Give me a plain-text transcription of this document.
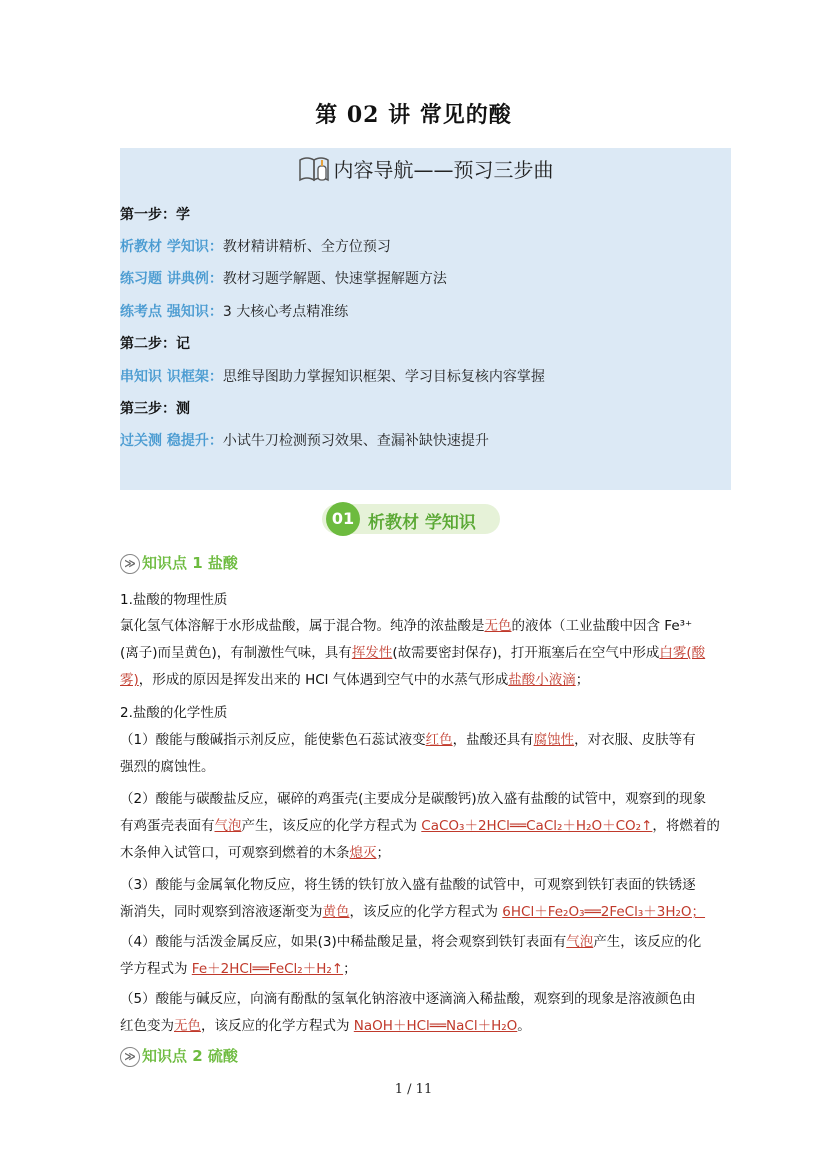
第 02 讲 常见的酸
内容导航——预习三步曲
第一步：学
析教材 学知识：教材精讲精析、全方位预习
练习题 讲典例：教材习题学解题、快速掌握解题方法
练考点 强知识：3 大核心考点精准练
第二步：记
串知识 识框架：思维导图助力掌握知识框架、学习目标复核内容掌握
第三步：测
过关测 稳提升：小试牛刀检测预习效果、查漏补缺快速提升
01 析教材 学知识
≫ 知识点 1 盐酸
1.盐酸的物理性质
氯化氢气体溶解于水形成盐酸，属于混合物。纯净的浓盐酸是无色的液体（工业盐酸中因含 Fe³⁺
(离子)而呈黄色)，有制激性气味，具有挥发性(故需要密封保存)，打开瓶塞后在空气中形成白雾(酸
雾)，形成的原因是挥发出来的 HCl 气体遇到空气中的水蒸气形成盐酸小液滴；
2.盐酸的化学性质
（1）酸能与酸碱指示剂反应，能使紫色石蕊试液变红色，盐酸还具有腐蚀性，对衣服、皮肤等有
强烈的腐蚀性。
（2）酸能与碳酸盐反应，碾碎的鸡蛋壳(主要成分是碳酸钙)放入盛有盐酸的试管中，观察到的现象
有鸡蛋壳表面有气泡产生，该反应的化学方程式为 CaCO₃＋2HCl══CaCl₂＋H₂O＋CO₂↑，将燃着的
木条伸入试管口，可观察到燃着的木条熄灭；
（3）酸能与金属氧化物反应，将生锈的铁钉放入盛有盐酸的试管中，可观察到铁钉表面的铁锈逐
渐消失，同时观察到溶液逐渐变为黄色，该反应的化学方程式为 6HCl＋Fe₂O₃══2FeCl₃＋3H₂O；
（4）酸能与活泼金属反应，如果(3)中稀盐酸足量，将会观察到铁钉表面有气泡产生，该反应的化
学方程式为 Fe＋2HCl══FeCl₂＋H₂↑；
（5）酸能与碱反应，向滴有酚酞的氢氧化钠溶液中逐滴滴入稀盐酸，观察到的现象是溶液颜色由
红色变为无色，该反应的化学方程式为 NaOH＋HCl══NaCl＋H₂O。
≫ 知识点 2 硫酸
1 / 11
